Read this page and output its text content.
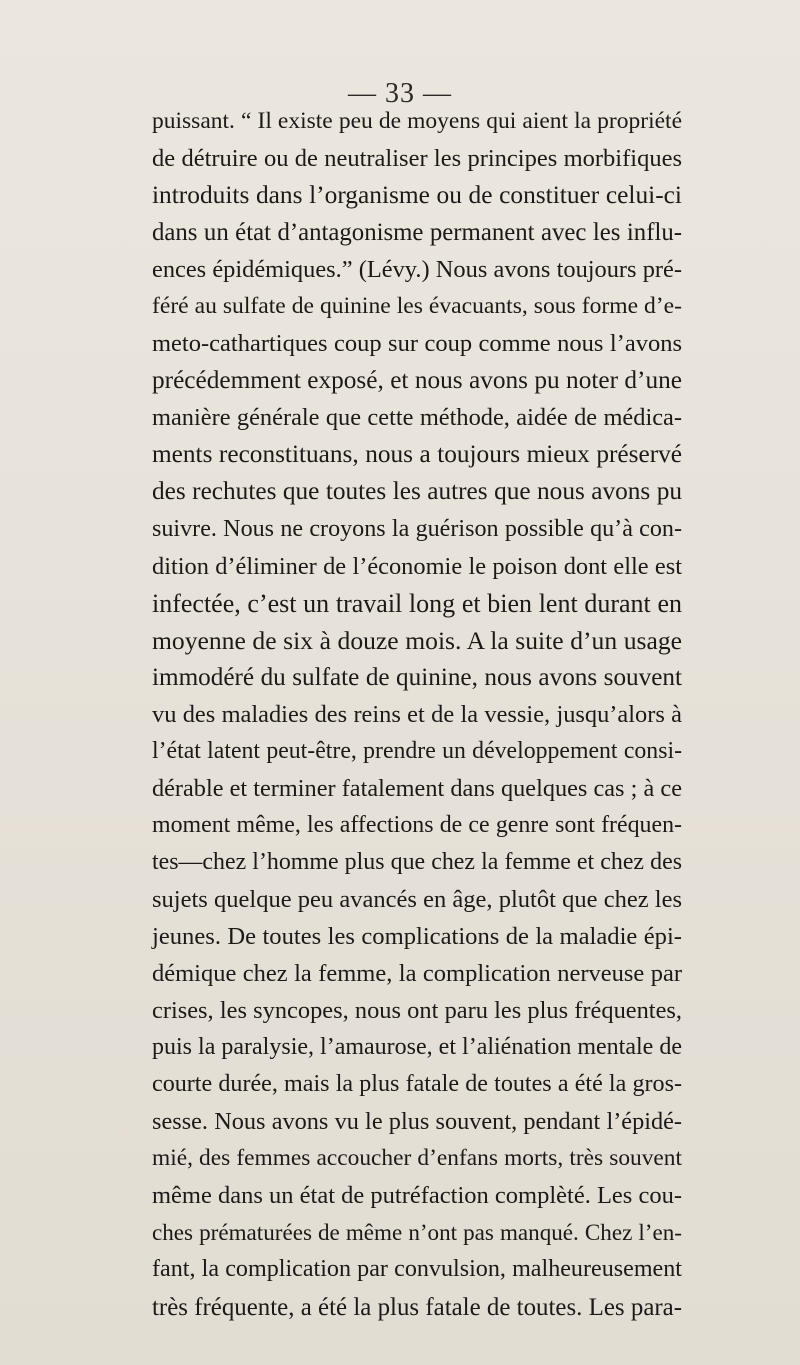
— 33 —
puissant. “ Il existe peu de moyens qui aient la propriété
de détruire ou de neutraliser les principes morbifiques
introduits dans l’organisme ou de constituer celui-ci
dans un état d’antagonisme permanent avec les influ-
ences épidémiques.” (Lévy.) Nous avons toujours pré-
féré au sulfate de quinine les évacuants, sous forme d’e-
meto-cathartiques coup sur coup comme nous l’avons
précédemment exposé, et nous avons pu noter d’une
manière générale que cette méthode, aidée de médica-
ments reconstituans, nous a toujours mieux préservé
des rechutes que toutes les autres que nous avons pu
suivre. Nous ne croyons la guérison possible qu’à con-
dition d’éliminer de l’économie le poison dont elle est
infectée, c’est un travail long et bien lent durant en
moyenne de six à douze mois. A la suite d’un usage
immodéré du sulfate de quinine, nous avons souvent
vu des maladies des reins et de la vessie, jusqu’alors à
l’état latent peut-être, prendre un développement consi-
dérable et terminer fatalement dans quelques cas ; à ce
moment même, les affections de ce genre sont fréquen-
tes—chez l’homme plus que chez la femme et chez des
sujets quelque peu avancés en âge, plutôt que chez les
jeunes. De toutes les complications de la maladie épi-
démique chez la femme, la complication nerveuse par
crises, les syncopes, nous ont paru les plus fréquentes,
puis la paralysie, l’amaurose, et l’aliénation mentale de
courte durée, mais la plus fatale de toutes a été la gros-
sesse. Nous avons vu le plus souvent, pendant l’épidé-
mié, des femmes accoucher d’enfans morts, très souvent
même dans un état de putréfaction complèté. Les cou-
ches prématurées de même n’ont pas manqué. Chez l’en-
fant, la complication par convulsion, malheureusement
très fréquente, a été la plus fatale de toutes. Les para-
